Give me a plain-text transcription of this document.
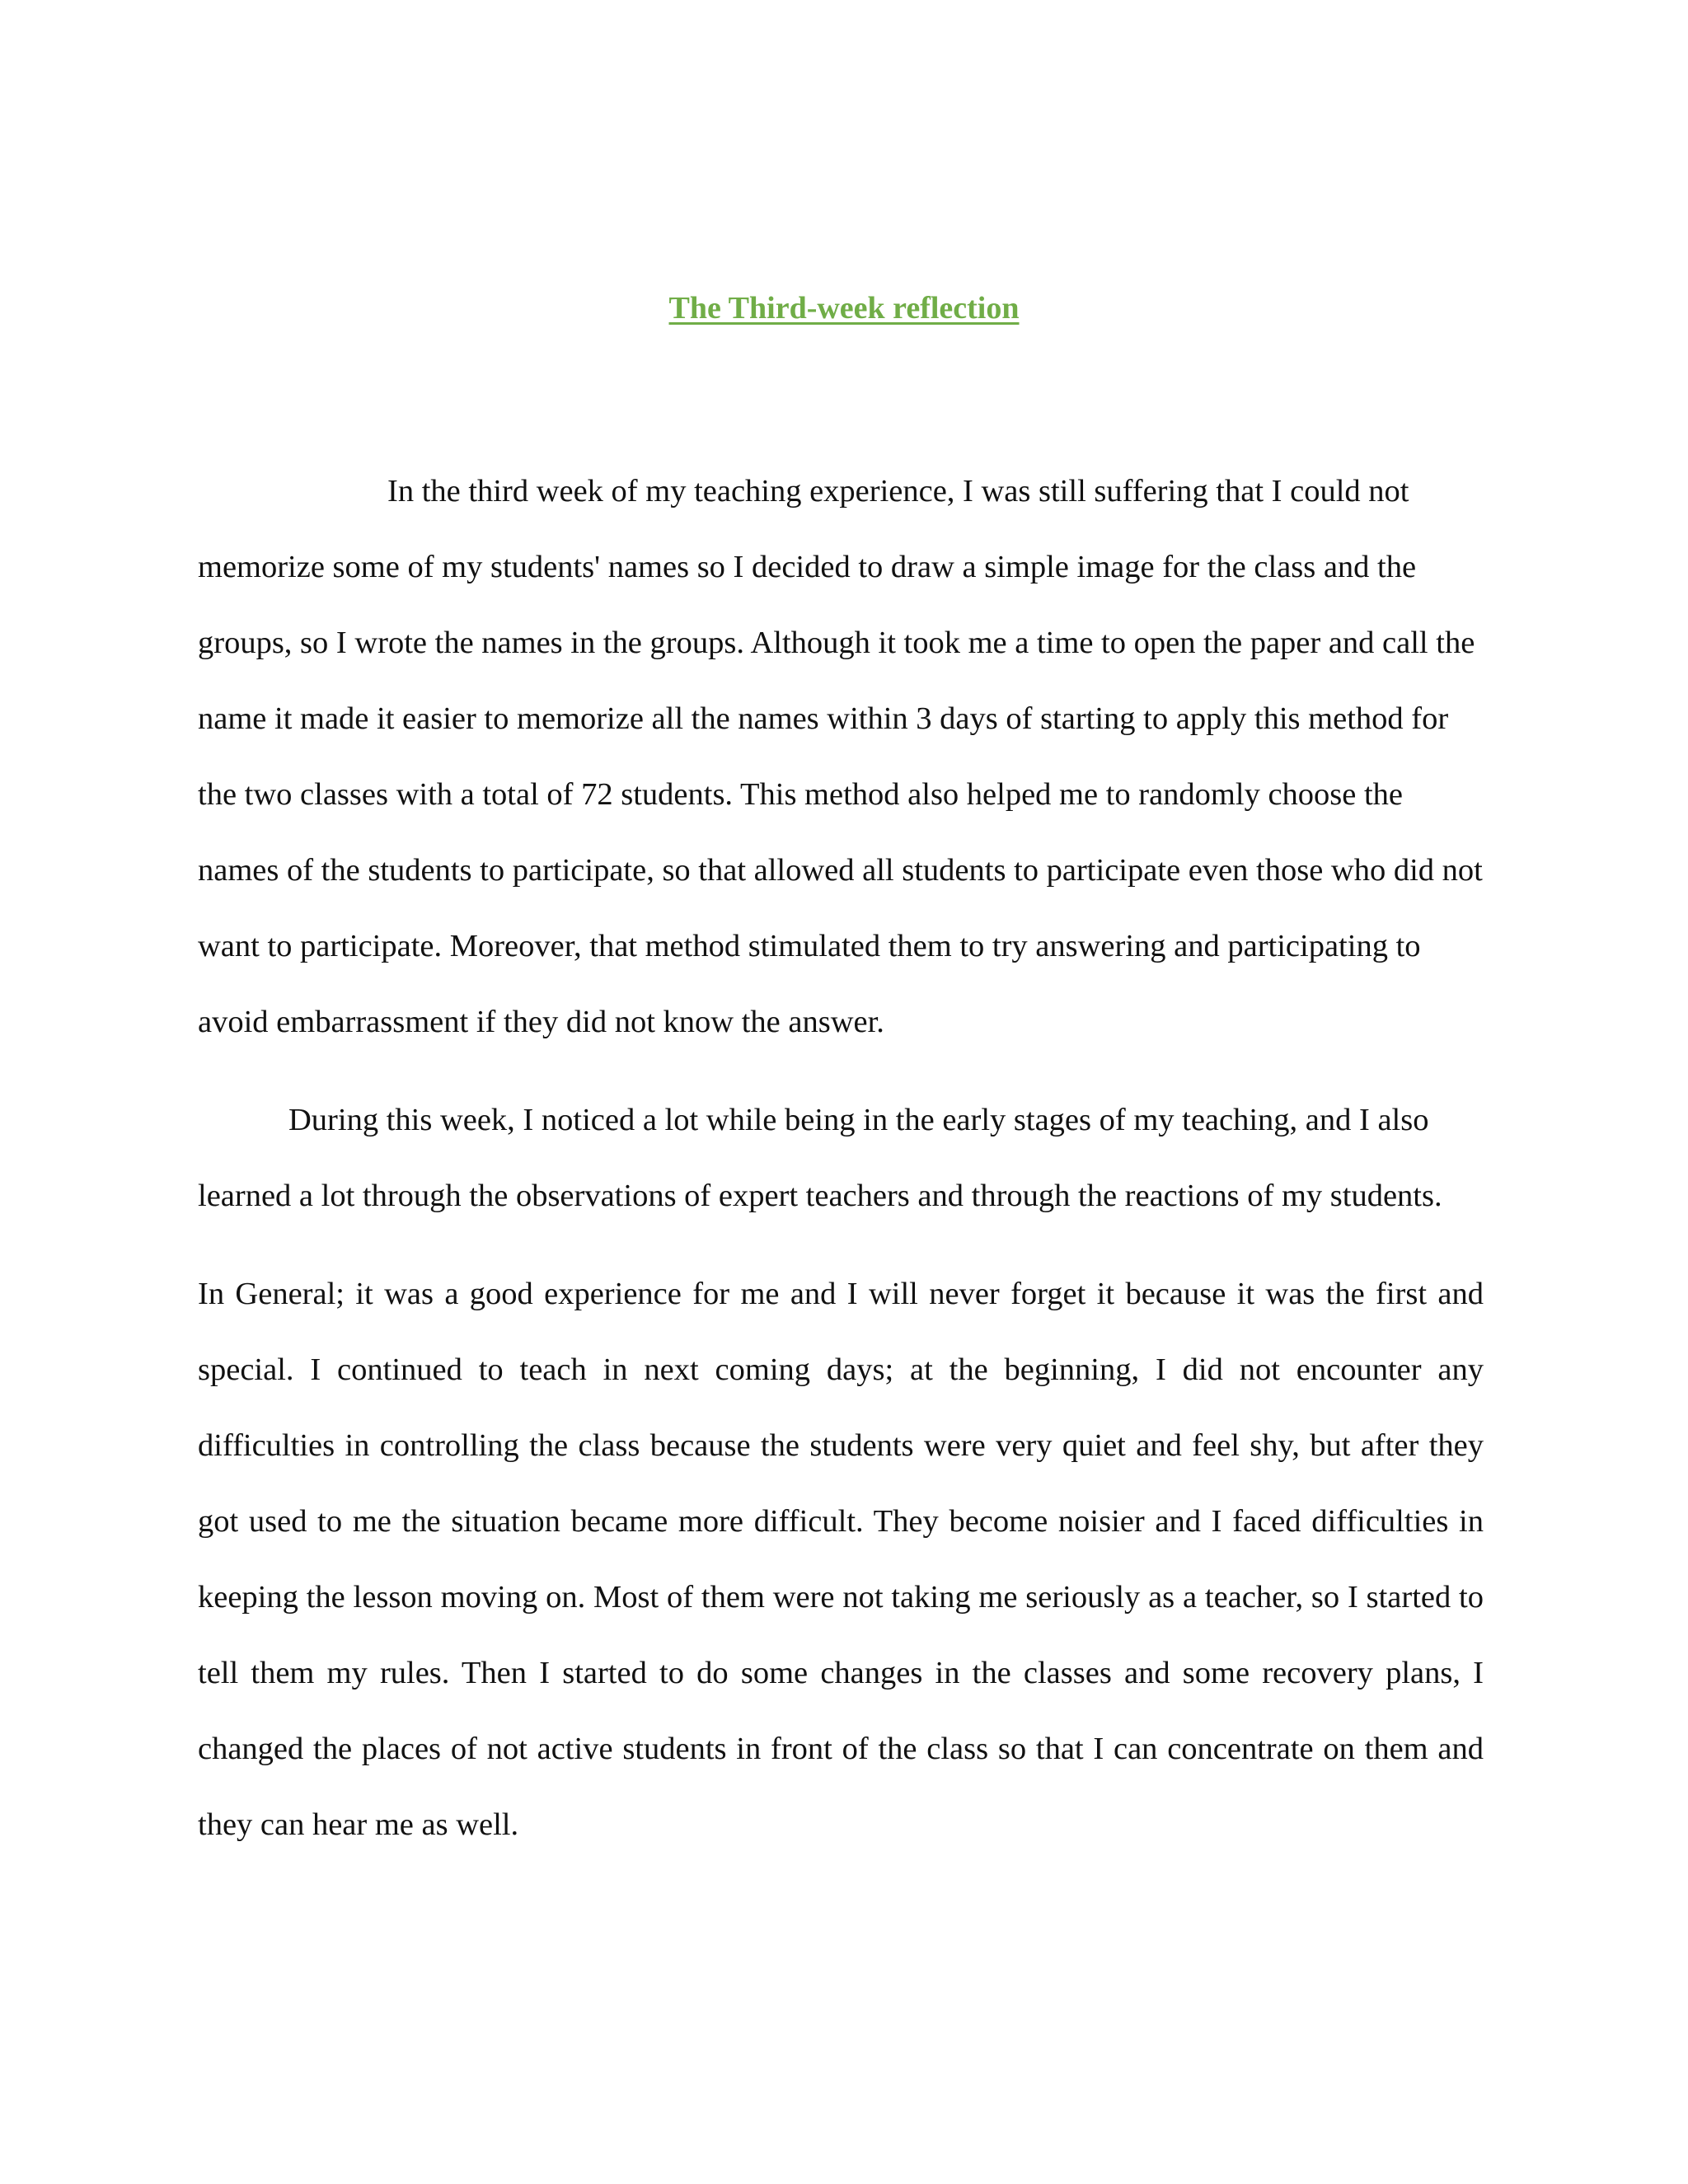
The Third-week reflection

In the third week of my teaching experience, I was still suffering that I could not memorize some of my students' names so I decided to draw a simple image for the class and the groups, so I wrote the names in the groups. Although it took me a time to open the paper and call the name it made it easier to memorize all the names within 3 days of starting to apply this method for the two classes with a total of 72 students. This method also helped me to randomly choose the names of the students to participate, so that allowed all students to participate even those who did not want to participate. Moreover, that method stimulated them to try answering and participating to avoid embarrassment if they did not know the answer.

During this week, I noticed a lot while being in the early stages of my teaching, and I also learned a lot through the observations of expert teachers and through the reactions of my students.

In General; it was a good experience for me and I will never forget it because it was the first and special. I continued to teach in next coming days; at the beginning, I did not encounter any difficulties in controlling the class because the students were very quiet and feel shy, but after they got used to me the situation became more difficult. They become noisier and I faced difficulties in keeping the lesson moving on. Most of them were not taking me seriously as a teacher, so I started to tell them my rules. Then I started to do some changes in the classes and some recovery plans, I changed the places of not active students in front of the class so that I can concentrate on them and they can hear me as well.
